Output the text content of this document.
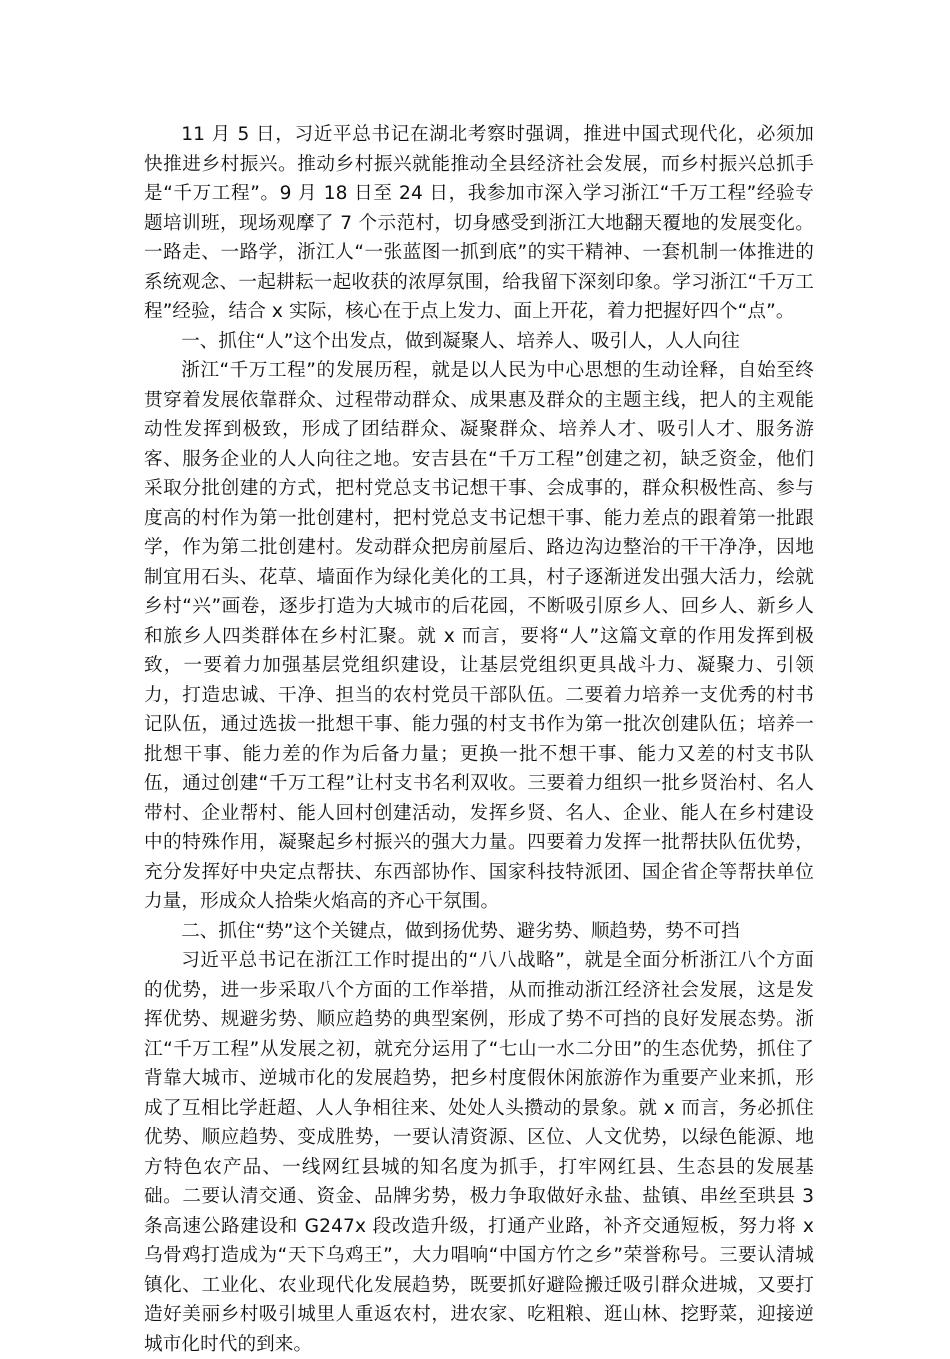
11 月 5 日，习近平总书记在湖北考察时强调，推进中国式现代化，必须加快推进乡村振兴。推动乡村振兴就能推动全县经济社会发展，而乡村振兴总抓手是“千万工程”。9 月 18 日至 24 日，我参加市深入学习浙江“千万工程”经验专题培训班，现场观摩了 7 个示范村，切身感受到浙江大地翻天覆地的发展变化。一路走、一路学，浙江人“一张蓝图一抓到底”的实干精神、一套机制一体推进的系统观念、一起耕耘一起收获的浓厚氛围，给我留下深刻印象。学习浙江“千万工程”经验，结合 x 实际，核心在于点上发力、面上开花，着力把握好四个“点”。

一、抓住“人”这个出发点，做到凝聚人、培养人、吸引人，人人向往

浙江“千万工程”的发展历程，就是以人民为中心思想的生动诠释，自始至终贯穿着发展依靠群众、过程带动群众、成果惠及群众的主题主线，把人的主观能动性发挥到极致，形成了团结群众、凝聚群众、培养人才、吸引人才、服务游客、服务企业的人人向往之地。安吉县在“千万工程”创建之初，缺乏资金，他们采取分批创建的方式，把村党总支书记想干事、会成事的，群众积极性高、参与度高的村作为第一批创建村，把村党总支书记想干事、能力差点的跟着第一批跟学，作为第二批创建村。发动群众把房前屋后、路边沟边整治的干干净净，因地制宜用石头、花草、墙面作为绿化美化的工具，村子逐渐迸发出强大活力，绘就乡村“兴”画卷，逐步打造为大城市的后花园，不断吸引原乡人、回乡人、新乡人和旅乡人四类群体在乡村汇聚。就 x 而言，要将“人”这篇文章的作用发挥到极致，一要着力加强基层党组织建设，让基层党组织更具战斗力、凝聚力、引领力，打造忠诚、干净、担当的农村党员干部队伍。二要着力培养一支优秀的村书记队伍，通过选拔一批想干事、能力强的村支书作为第一批次创建队伍；培养一批想干事、能力差的作为后备力量；更换一批不想干事、能力又差的村支书队伍，通过创建“千万工程”让村支书名利双收。三要着力组织一批乡贤治村、名人带村、企业帮村、能人回村创建活动，发挥乡贤、名人、企业、能人在乡村建设中的特殊作用，凝聚起乡村振兴的强大力量。四要着力发挥一批帮扶队伍优势，充分发挥好中央定点帮扶、东西部协作、国家科技特派团、国企省企等帮扶单位力量，形成众人拾柴火焰高的齐心干氛围。

二、抓住“势”这个关键点，做到扬优势、避劣势、顺趋势，势不可挡

习近平总书记在浙江工作时提出的“八八战略”，就是全面分析浙江八个方面的优势，进一步采取八个方面的工作举措，从而推动浙江经济社会发展，这是发挥优势、规避劣势、顺应趋势的典型案例，形成了势不可挡的良好发展态势。浙江“千万工程”从发展之初，就充分运用了“七山一水二分田”的生态优势，抓住了背靠大城市、逆城市化的发展趋势，把乡村度假休闲旅游作为重要产业来抓，形成了互相比学赶超、人人争相往来、处处人头攒动的景象。就 x 而言，务必抓住优势、顺应趋势、变成胜势，一要认清资源、区位、人文优势，以绿色能源、地方特色农产品、一线网红县城的知名度为抓手，打牢网红县、生态县的发展基础。二要认清交通、资金、品牌劣势，极力争取做好永盐、盐镇、串丝至珙县 3 条高速公路建设和 G247x 段改造升级，打通产业路，补齐交通短板，努力将 x 乌骨鸡打造成为“天下乌鸡王”，大力唱响“中国方竹之乡”荣誉称号。三要认清城镇化、工业化、农业现代化发展趋势，既要抓好避险搬迁吸引群众进城，又要打造好美丽乡村吸引城里人重返农村，进农家、吃粗粮、逛山林、挖野菜，迎接逆城市化时代的到来。
